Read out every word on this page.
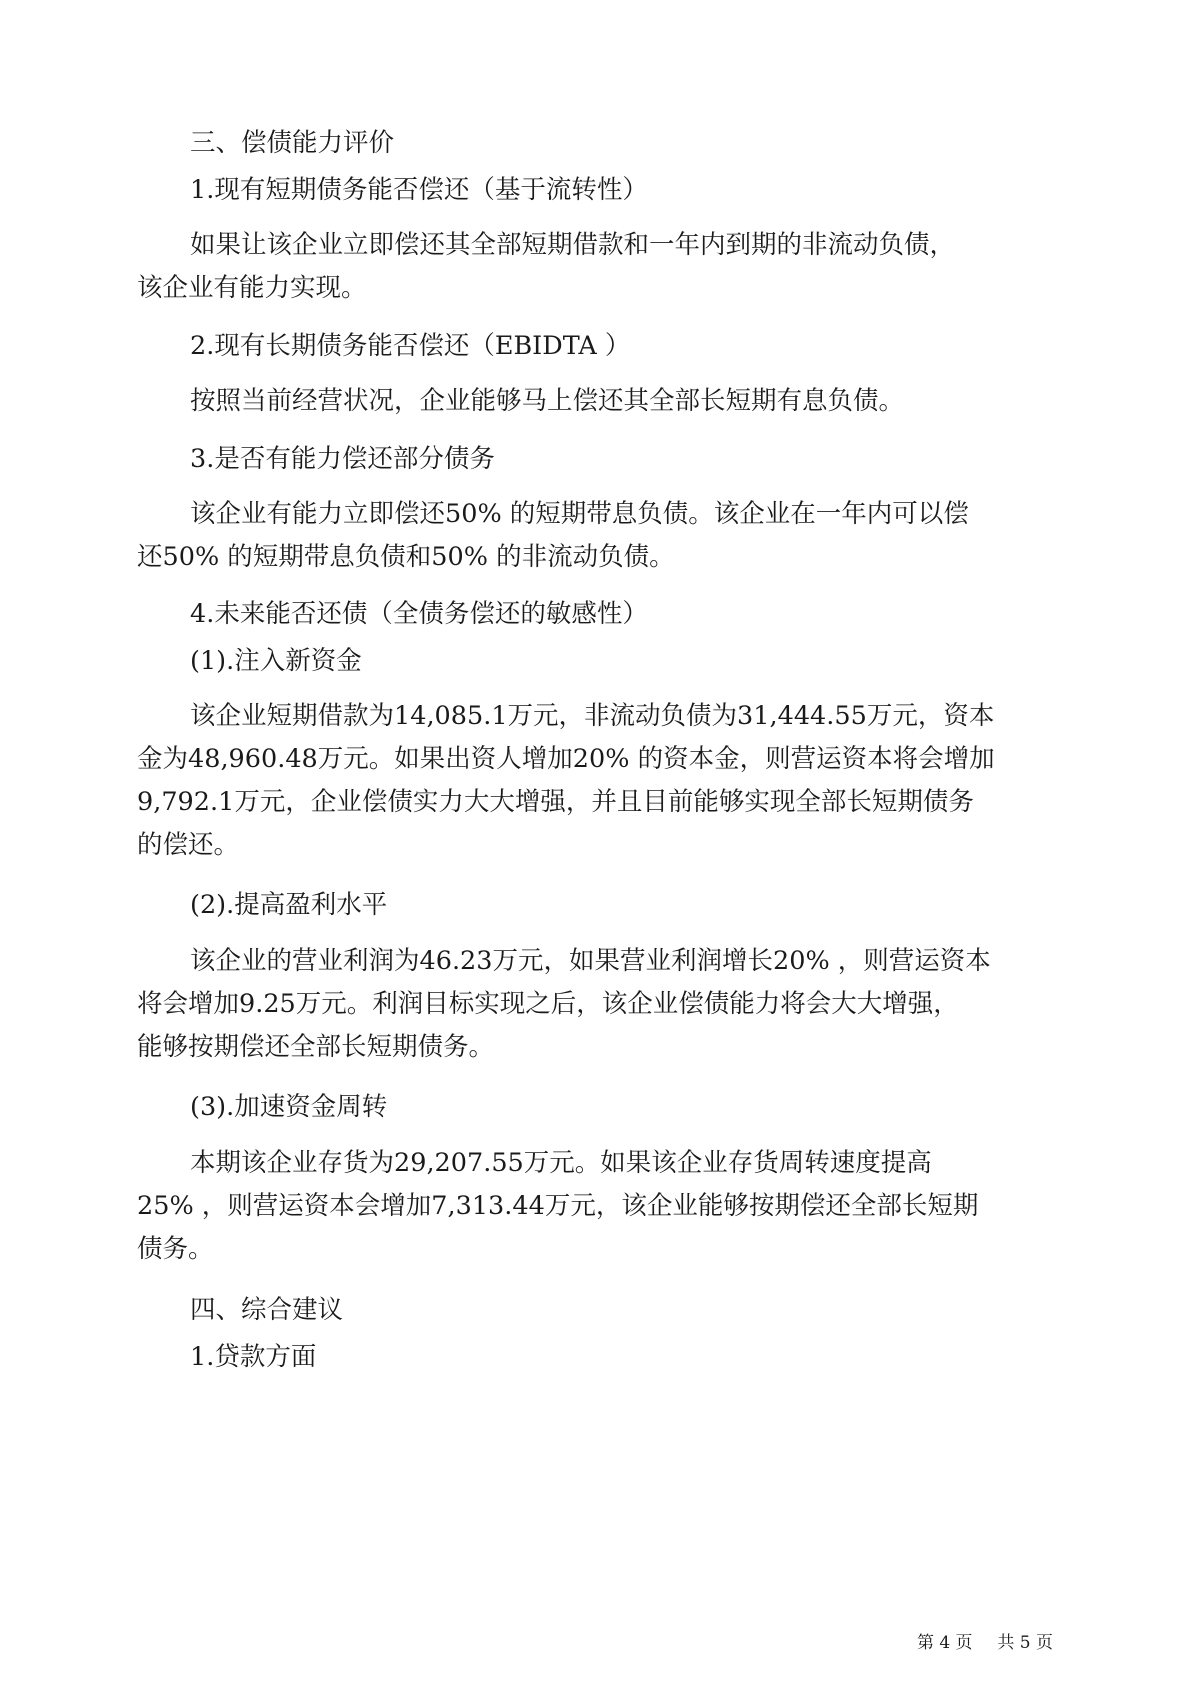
三、偿债能力评价
1.现有短期债务能否偿还（基于流转性）
如果让该企业立即偿还其全部短期借款和一年内到期的非流动负债，
该企业有能力实现。
2.现有长期债务能否偿还（EBIDTA ）
按照当前经营状况，企业能够马上偿还其全部长短期有息负债。
3.是否有能力偿还部分债务
该企业有能力立即偿还50% 的短期带息负债。该企业在一年内可以偿
还50% 的短期带息负债和50% 的非流动负债。
4.未来能否还债（全债务偿还的敏感性）
(1).注入新资金
该企业短期借款为14,085.1万元，非流动负债为31,444.55万元，资本
金为48,960.48万元。如果出资人增加20% 的资本金，则营运资本将会增加
9,792.1万元，企业偿债实力大大增强，并且目前能够实现全部长短期债务
的偿还。
(2).提高盈利水平
该企业的营业利润为46.23万元，如果营业利润增长20% ，则营运资本
将会增加9.25万元。利润目标实现之后，该企业偿债能力将会大大增强，
能够按期偿还全部长短期债务。
(3).加速资金周转
本期该企业存货为29,207.55万元。如果该企业存货周转速度提高
25% ，则营运资本会增加7,313.44万元，该企业能够按期偿还全部长短期
债务。
四、综合建议
1.贷款方面
第 4 页 共 5 页
